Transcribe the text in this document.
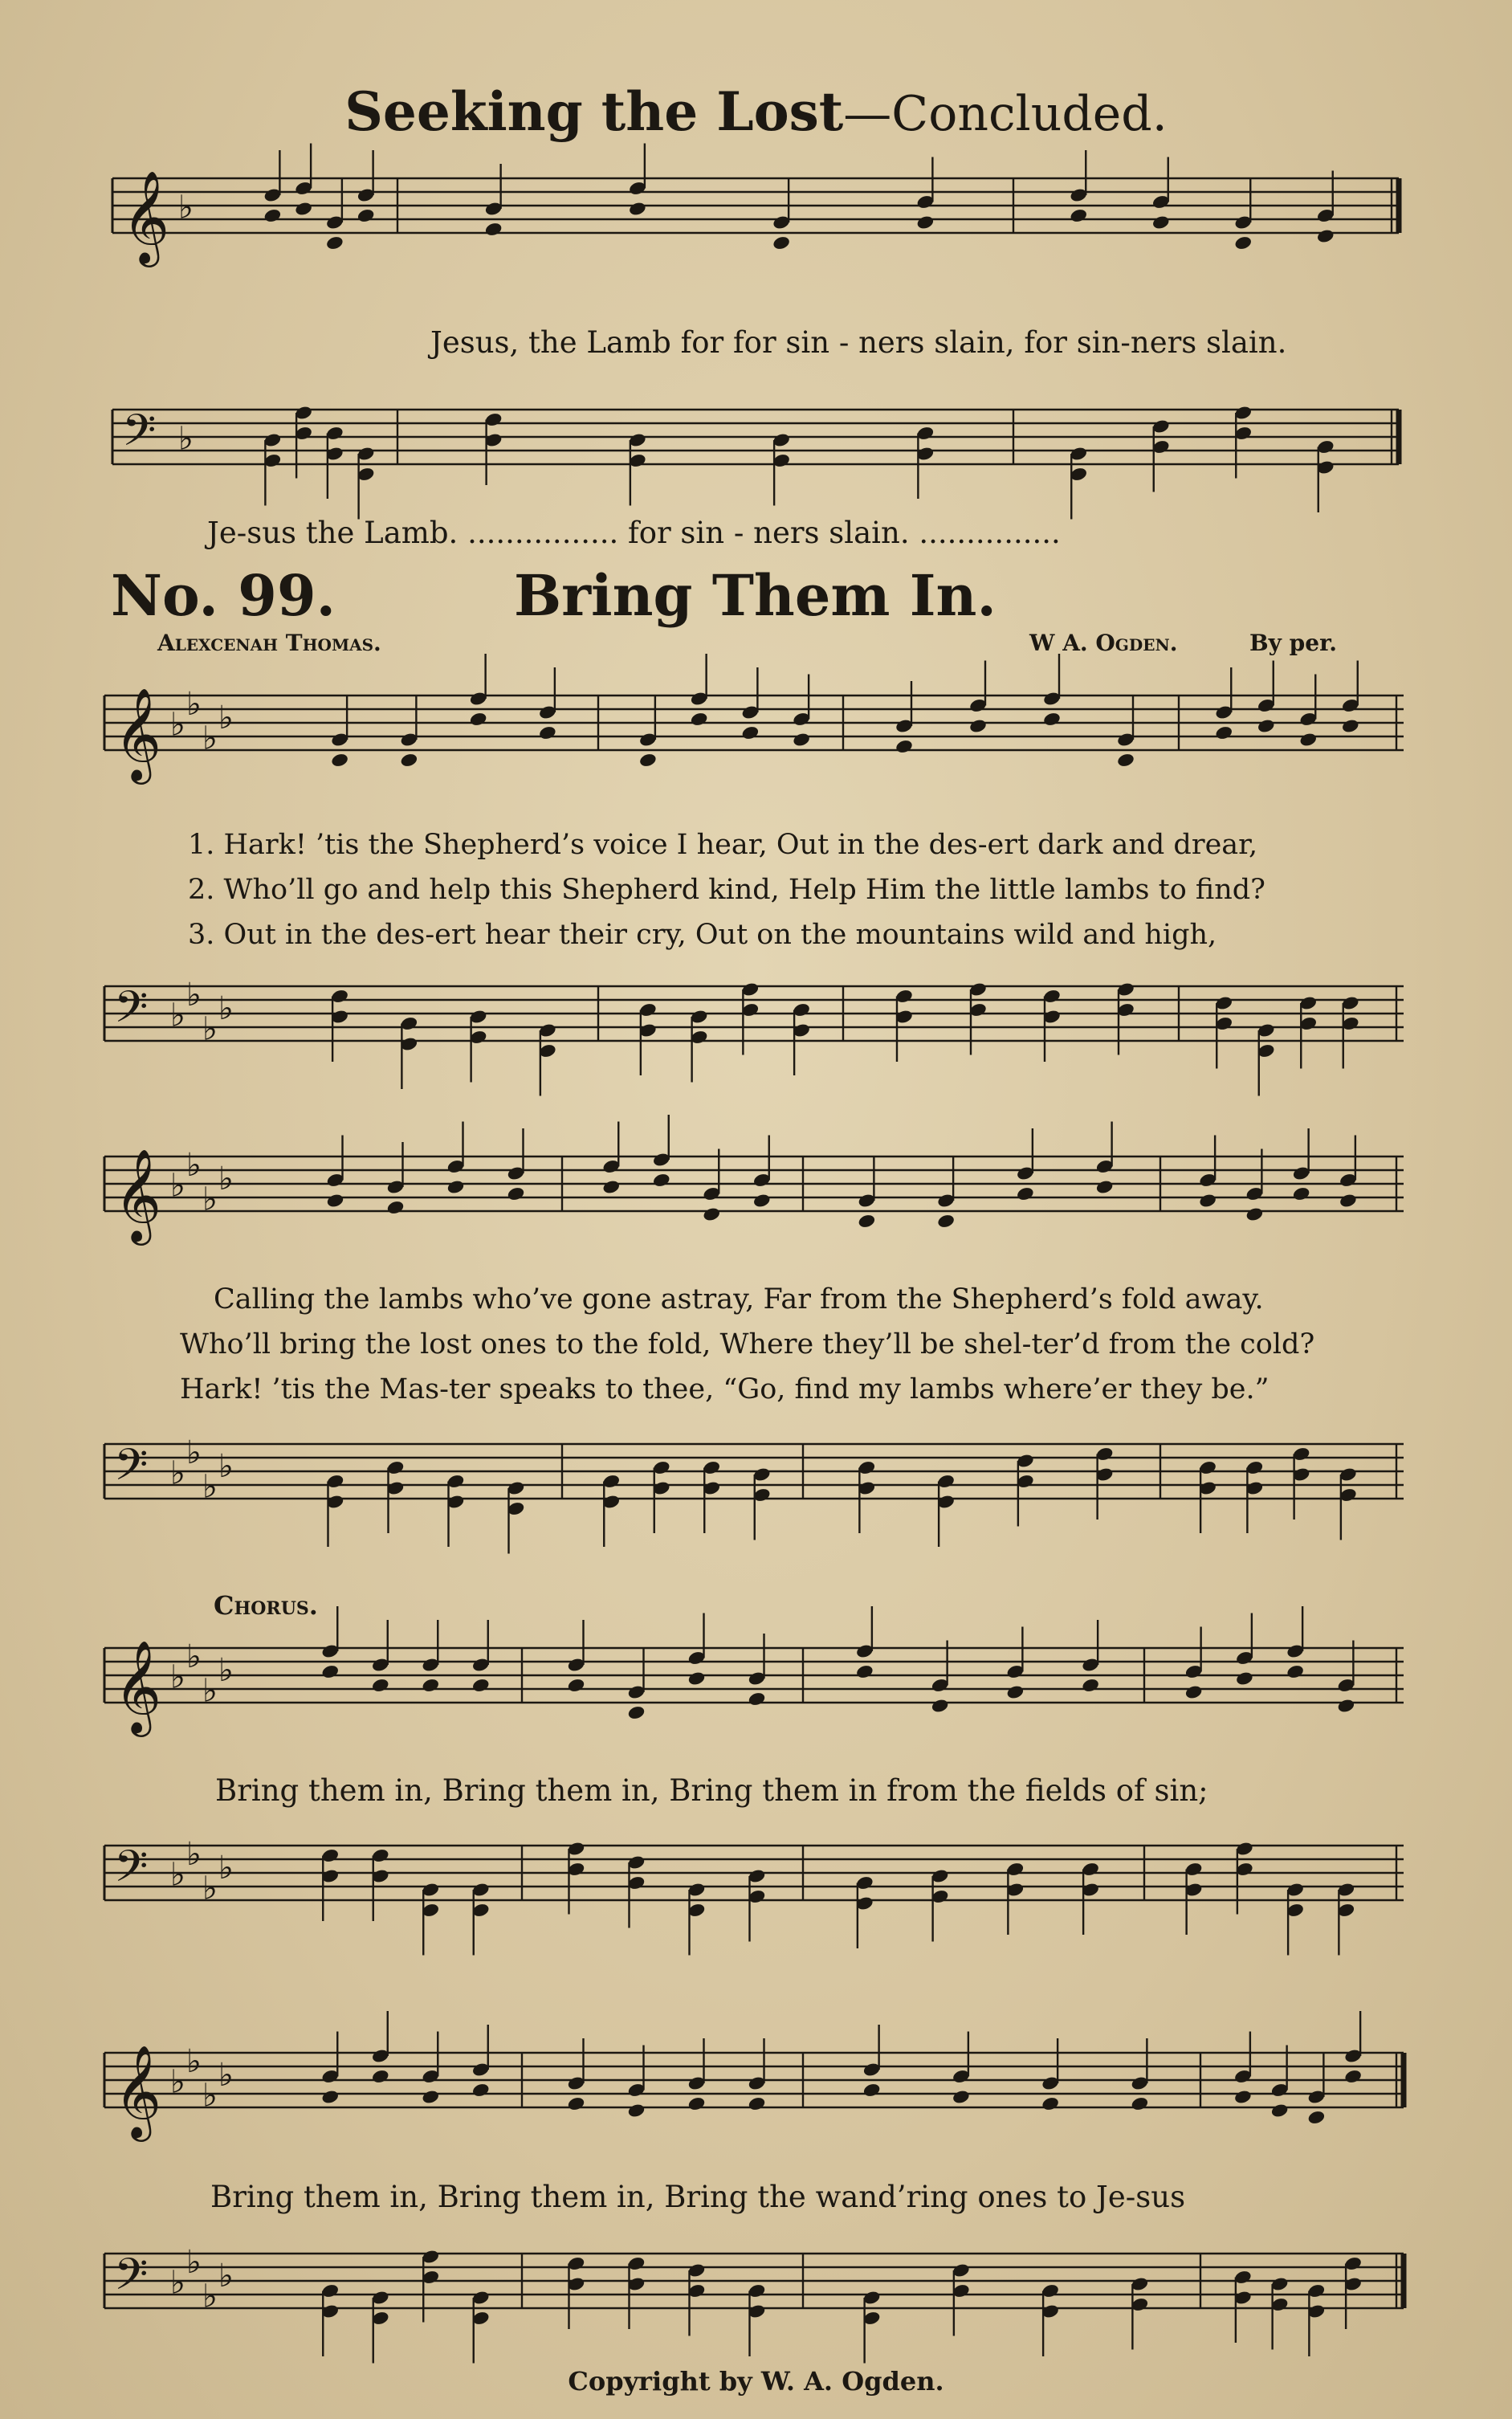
𝄞 ♭
𝄢 ♭
𝄞 ♭
♭
♭
♭
𝄢 ♭
♭
♭
♭
𝄞 ♭
♭
♭
♭
𝄢 ♭
♭
♭
♭
𝄞 ♭
♭
♭
♭
𝄢 ♭
♭
♭
♭
𝄞 ♭
♭
♭
♭
𝄢 ♭
♭
♭
♭
Seeking the Lost—Concluded.
Jesus, the Lamb for for sin - ners slain, for sin-ners slain.
Je-sus the Lamb. ................ for sin - ners slain. ...............
No. 99.	Bring Them In.
Alexcenah Thomas.	W A. Ogden.	By per.
1. Hark! ’tis the Shepherd’s voice I hear, Out in the des-ert dark and drear,
2. Who’ll go and help this Shepherd kind, Help Him the little lambs to find?
3. Out in the des-ert hear their cry, Out on the mountains wild and high,
Calling the lambs who’ve gone astray, Far from the Shepherd’s fold away.
Who’ll bring the lost ones to the fold, Where they’ll be shel-ter’d from the cold?
Hark! ’tis the Mas-ter speaks to thee, “Go, find my lambs where’er they be.”
Chorus.
Bring them in, Bring them in, Bring them in from the fields of sin;
Bring them in, Bring them in, Bring the wand’ring ones to Je-sus
Copyright by W. A. Ogden.
